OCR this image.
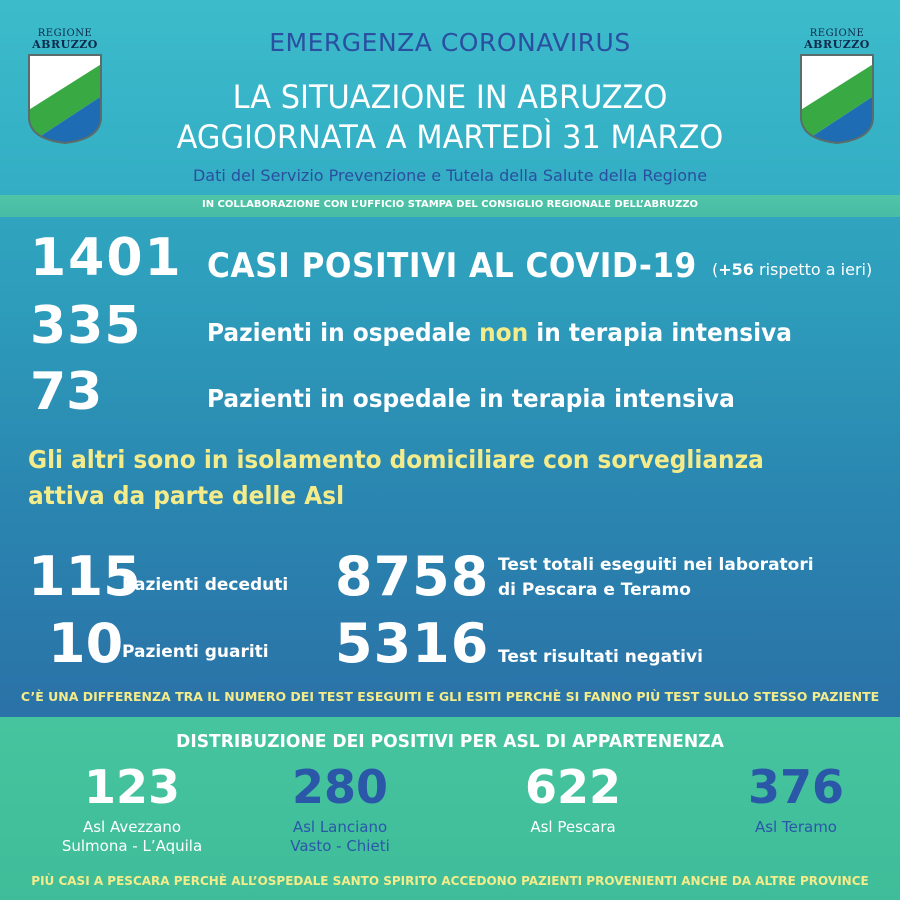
REGIONE
ABRUZZO
REGIONE
ABRUZZO
EMERGENZA CORONAVIRUS
LA SITUAZIONE IN ABRUZZO
AGGIORNATA A MARTEDÌ 31 MARZO
Dati del Servizio Prevenzione e Tutela della Salute della Regione
IN COLLABORAZIONE CON L’UFFICIO STAMPA DEL CONSIGLIO REGIONALE DELL’ABRUZZO
1401 CASI POSITIVI AL COVID-19 (+56 rispetto a ieri)
335	Pazienti in ospedale non in terapia intensiva
73	Pazienti in ospedale in terapia intensiva
Gli altri sono in isolamento domiciliare con sorveglianza
attiva da parte delle Asl
115
Pazienti deceduti
10
Pazienti guariti
8758 Test totali eseguiti nei laboratori
di Pescara e Teramo
5316 Test risultati negativi
C’È UNA DIFFERENZA TRA IL NUMERO DEI TEST ESEGUITI E GLI ESITI PERCHÈ SI FANNO PIÙ TEST SULLO STESSO PAZIENTE
DISTRIBUZIONE DEI POSITIVI PER ASL DI APPARTENENZA
123
Asl Avezzano
Sulmona - L’Aquila
280
Asl Lanciano
Vasto - Chieti
622
Asl Pescara
376
Asl Teramo
PIÙ CASI A PESCARA PERCHÈ ALL’OSPEDALE SANTO SPIRITO ACCEDONO PAZIENTI PROVENIENTI ANCHE DA ALTRE PROVINCE
